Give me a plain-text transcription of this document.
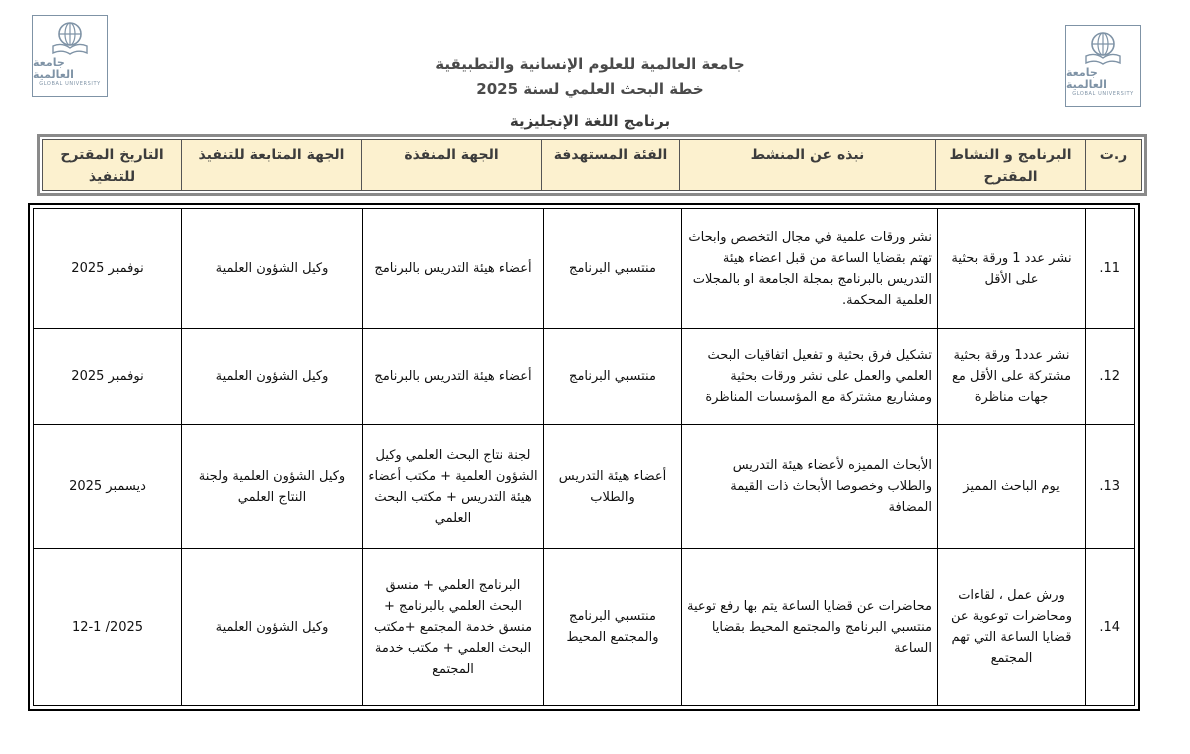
جامعة العالمية
GLOBAL UNIVERSITY
جامعة العالمية
GLOBAL UNIVERSITY
جامعة العالمية للعلوم الإنسانية والتطبيقية
خطة البحث العلمي لسنة 2025
برنامج اللغة الإنجليزية
ر.ت	البرنامج و النشاط المقترح	نبذه عن المنشط	الفئة المستهدفة	الجهة المنفذة	الجهة المتابعة للتنفيذ	التاريخ المقترح للتنفيذ
11.	نشر عدد 1 ورقة بحثية على الأقل	نشر ورقات علمية في مجال التخصص وابحاث تهتم بقضايا الساعة من قبل اعضاء هيئة التدريس بالبرنامج بمجلة الجامعة او بالمجلات العلمية المحكمة.	منتسبي البرنامج	أعضاء هيئة التدريس بالبرنامج	وكيل الشؤون العلمية	نوفمبر 2025
12.	نشر عدد1 ورقة بحثية مشتركة على الأقل مع جهات مناظرة	تشكيل فرق بحثية و تفعيل اتفاقيات البحث العلمي والعمل على نشر ورقات بحثية ومشاريع مشتركة مع المؤسسات المناظرة	منتسبي البرنامج	أعضاء هيئة التدريس بالبرنامج	وكيل الشؤون العلمية	نوفمبر 2025
13.	يوم الباحث المميز	الأبحاث المميزه لأعضاء هيئة التدريس والطلاب وخصوصا الأبحاث ذات القيمة المضافة	أعضاء هيئة التدريس والطلاب	لجنة نتاج البحث العلمي وكيل الشؤون العلمية + مكتب أعضاء هيئة التدريس + مكتب البحث العلمي	وكيل الشؤون العلمية ولجنة النتاج العلمي	ديسمبر 2025
14.	ورش عمل ، لقاءات ومحاضرات توعوية عن قضايا الساعة التي تهم المجتمع	محاضرات عن قضايا الساعة يتم بها رفع توعية منتسبي البرنامج والمجتمع المحيط بقضايا الساعة	منتسبي البرنامج والمجتمع المحيط	البرنامج العلمي + منسق البحث العلمي بالبرنامج + منسق خدمة المجتمع +مكتب البحث العلمي + مكتب خدمة المجتمع	وكيل الشؤون العلمية	2025/ 12-1
